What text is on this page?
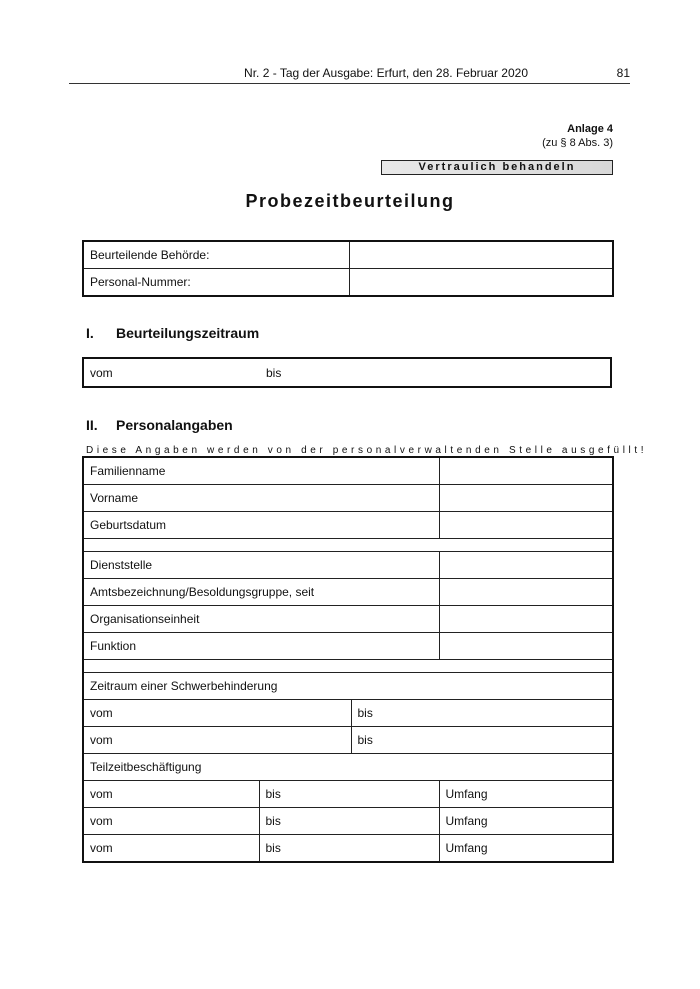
Nr. 2 - Tag der Ausgabe: Erfurt, den 28. Februar 2020	81
Anlage 4
(zu § 8 Abs. 3)
Vertraulich behandeln
Probezeitbeurteilung
Beurteilende Behörde:	
Personal-Nummer:	
I. Beurteilungszeitraum
vom	bis
II. Personalangaben
Diese Angaben werden von der personalverwaltenden Stelle ausgefüllt!
Familienname			
Vorname			
Geburtsdatum			

Dienststelle			
Amtsbezeichnung/Besoldungsgruppe, seit			
Organisationseinheit			
Funktion			

Zeitraum einer Schwerbehinderung			
vom		bis	
vom		bis	
Teilzeitbeschäftigung			
vom	bis		Umfang
vom	bis		Umfang
vom	bis		Umfang
